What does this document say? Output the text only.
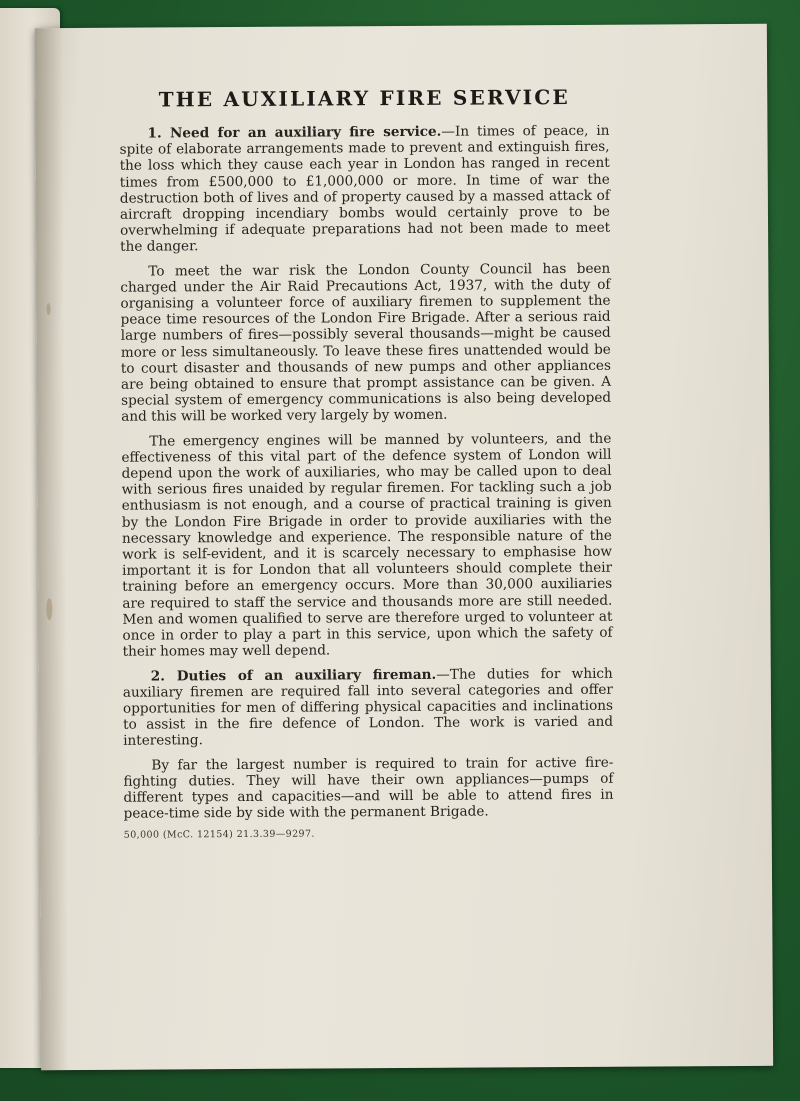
THE AUXILIARY FIRE SERVICE

1. Need for an auxiliary fire service.—In times of peace, in spite of elaborate arrangements made to prevent and extinguish fires, the loss which they cause each year in London has ranged in recent times from £500,000 to £1,000,000 or more. In time of war the destruction both of lives and of property caused by a massed attack of aircraft dropping incendiary bombs would certainly prove to be overwhelming if adequate preparations had not been made to meet the danger.

To meet the war risk the London County Council has been charged under the Air Raid Precautions Act, 1937, with the duty of organising a volunteer force of auxiliary firemen to supplement the peace time resources of the London Fire Brigade. After a serious raid large numbers of fires—possibly several thousands—might be caused more or less simultaneously. To leave these fires unattended would be to court disaster and thousands of new pumps and other appliances are being obtained to ensure that prompt assistance can be given. A special system of emergency communications is also being developed and this will be worked very largely by women.

The emergency engines will be manned by volunteers, and the effectiveness of this vital part of the defence system of London will depend upon the work of auxiliaries, who may be called upon to deal with serious fires unaided by regular firemen. For tackling such a job enthusiasm is not enough, and a course of practical training is given by the London Fire Brigade in order to provide auxiliaries with the necessary knowledge and experience. The responsible nature of the work is self-evident, and it is scarcely necessary to emphasise how important it is for London that all volunteers should complete their training before an emergency occurs. More than 30,000 auxiliaries are required to staff the service and thousands more are still needed. Men and women qualified to serve are therefore urged to volunteer at once in order to play a part in this service, upon which the safety of their homes may well depend.

2. Duties of an auxiliary fireman.—The duties for which auxiliary firemen are required fall into several categories and offer opportunities for men of differing physical capacities and inclinations to assist in the fire defence of London. The work is varied and interesting.

By far the largest number is required to train for active fire-fighting duties. They will have their own appliances—pumps of different types and capacities—and will be able to attend fires in peace-time side by side with the permanent Brigade.

50,000 (McC. 12154) 21.3.39—9297.
